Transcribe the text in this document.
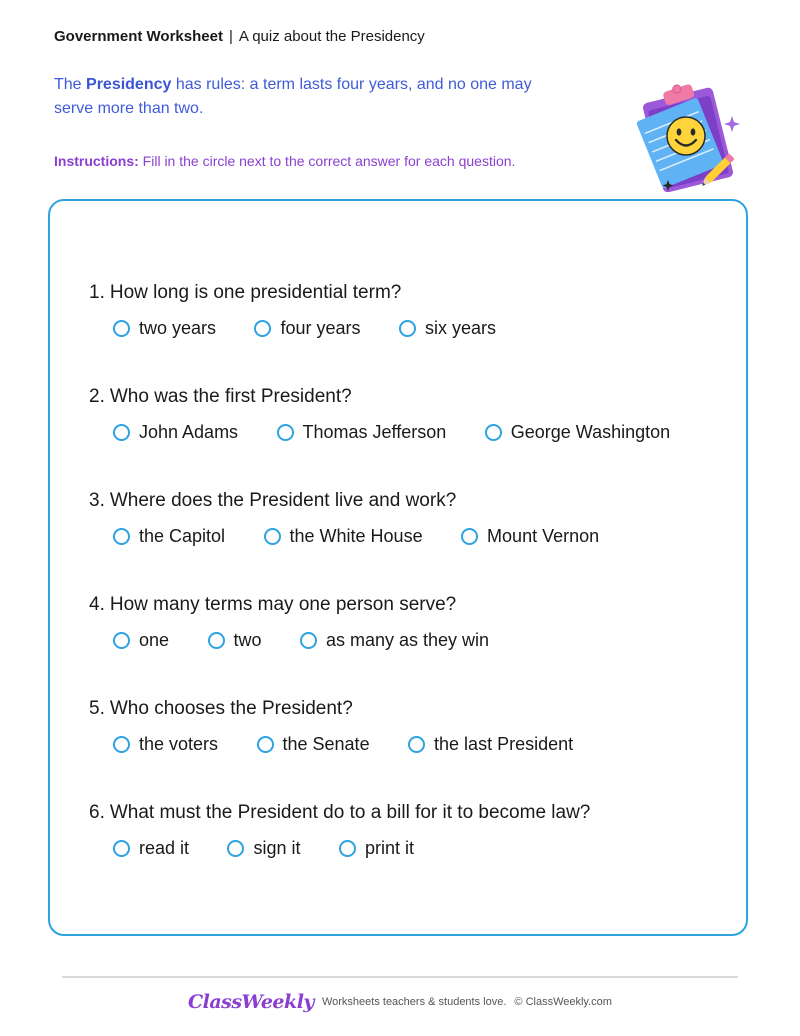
Government Worksheet | A quiz about the Presidency
The Presidency has rules: a term lasts four years, and no one may serve more than two.
Instructions: Fill in the circle next to the correct answer for each question.
1. How long is one presidential term?
two years
	four years
	six years
2. Who was the first President?
John Adams
	Thomas Jefferson
	George Washington
3. Where does the President live and work?
the Capitol
	the White House
	Mount Vernon
4. How many terms may one person serve?
one
	two
	as many as they win
5. Who chooses the President?
the voters
	the Senate
	the last President
6. What must the President do to a bill for it to become law?
read it
	sign it
	print it
ClassWeekly Worksheets teachers & students love. © ClassWeekly.com
